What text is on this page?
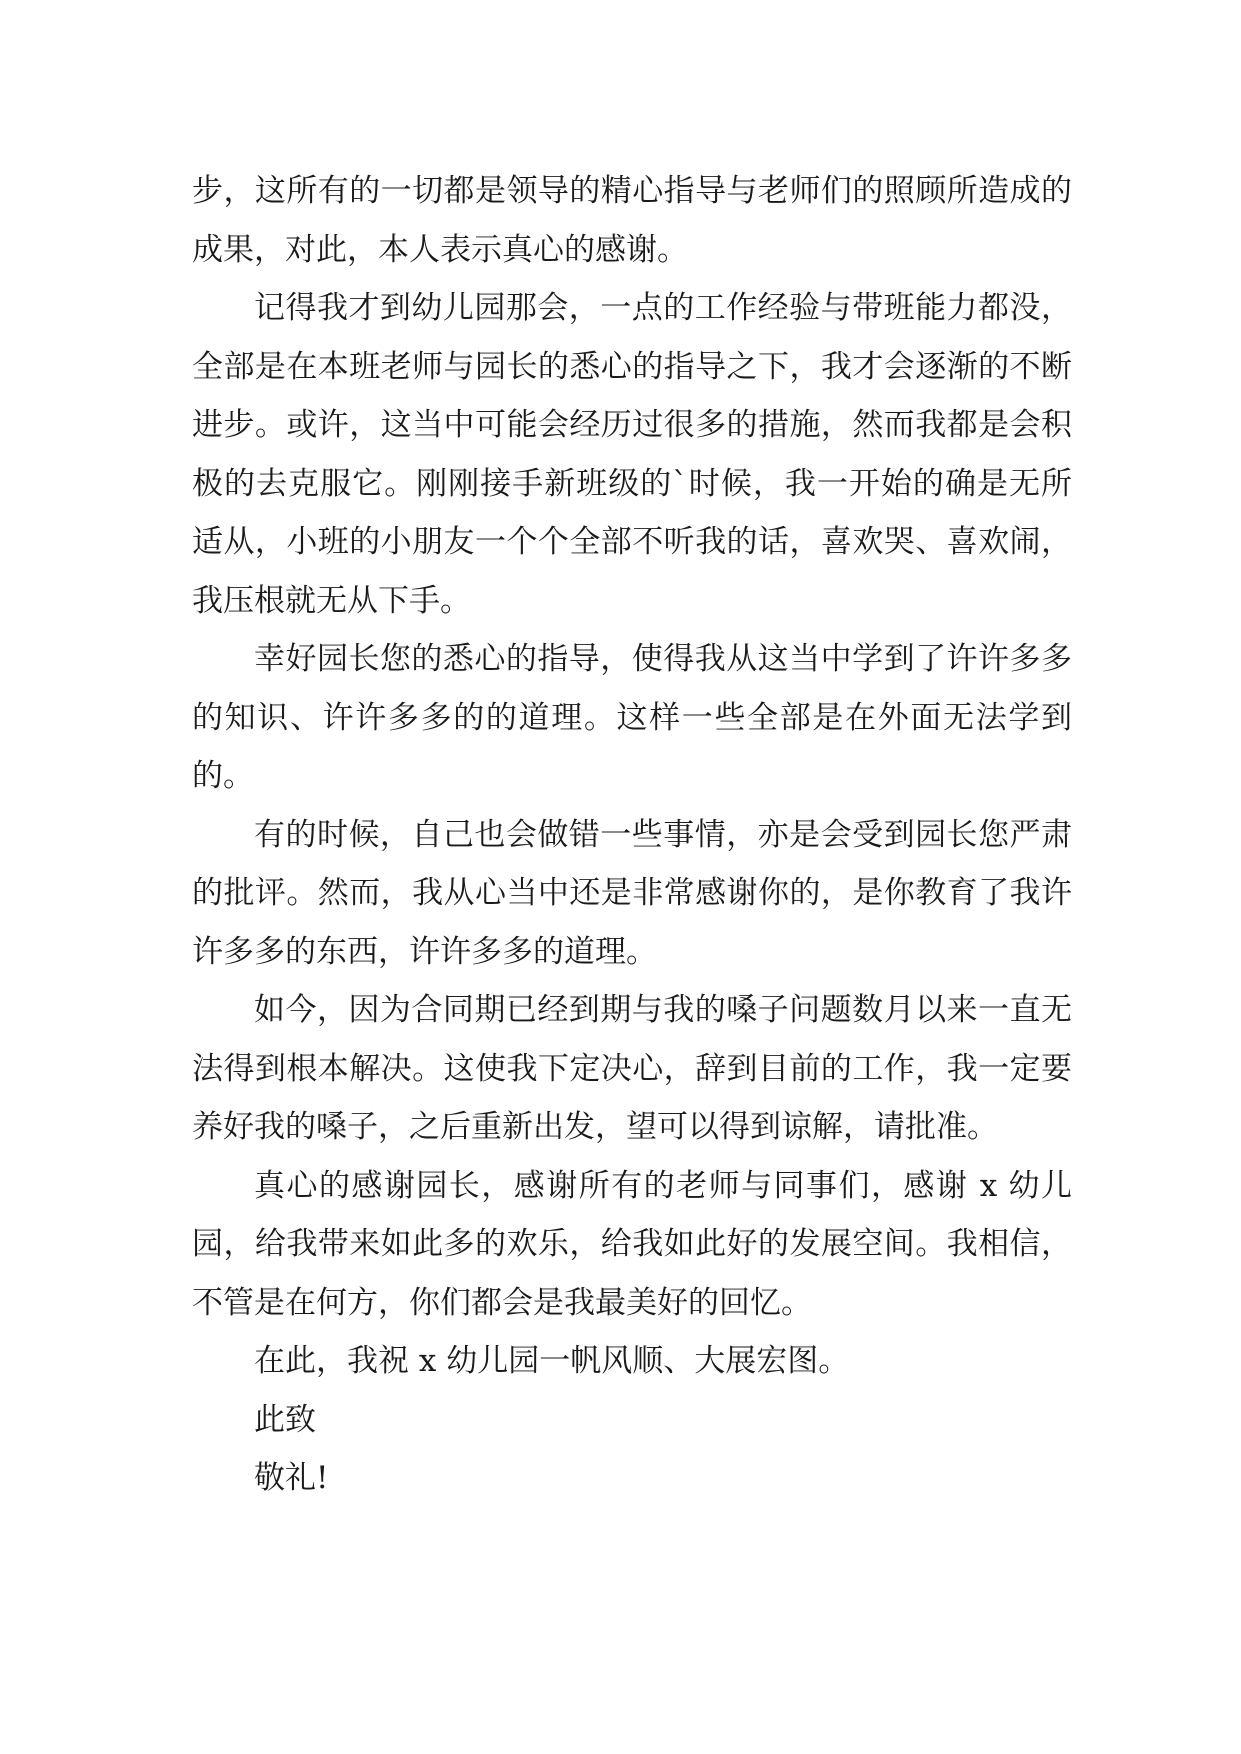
步，这所有的一切都是领导的精心指导与老师们的照顾所造成的成果，对此，本人表示真心的感谢。

记得我才到幼儿园那会，一点的工作经验与带班能力都没，全部是在本班老师与园长的悉心的指导之下，我才会逐渐的不断进步。或许，这当中可能会经历过很多的措施，然而我都是会积极的去克服它。刚刚接手新班级的`时候，我一开始的确是无所适从，小班的小朋友一个个全部不听我的话，喜欢哭、喜欢闹，我压根就无从下手。

幸好园长您的悉心的指导，使得我从这当中学到了许许多多的知识、许许多多的的道理。这样一些全部是在外面无法学到的。

有的时候，自己也会做错一些事情，亦是会受到园长您严肃的批评。然而，我从心当中还是非常感谢你的，是你教育了我许许多多的东西，许许多多的道理。

如今，因为合同期已经到期与我的嗓子问题数月以来一直无法得到根本解决。这使我下定决心，辞到目前的工作，我一定要养好我的嗓子，之后重新出发，望可以得到谅解，请批准。

真心的感谢园长，感谢所有的老师与同事们，感谢 x 幼儿园，给我带来如此多的欢乐，给我如此好的发展空间。我相信，不管是在何方，你们都会是我最美好的回忆。

在此，我祝 x 幼儿园一帆风顺、大展宏图。

此致

敬礼!
